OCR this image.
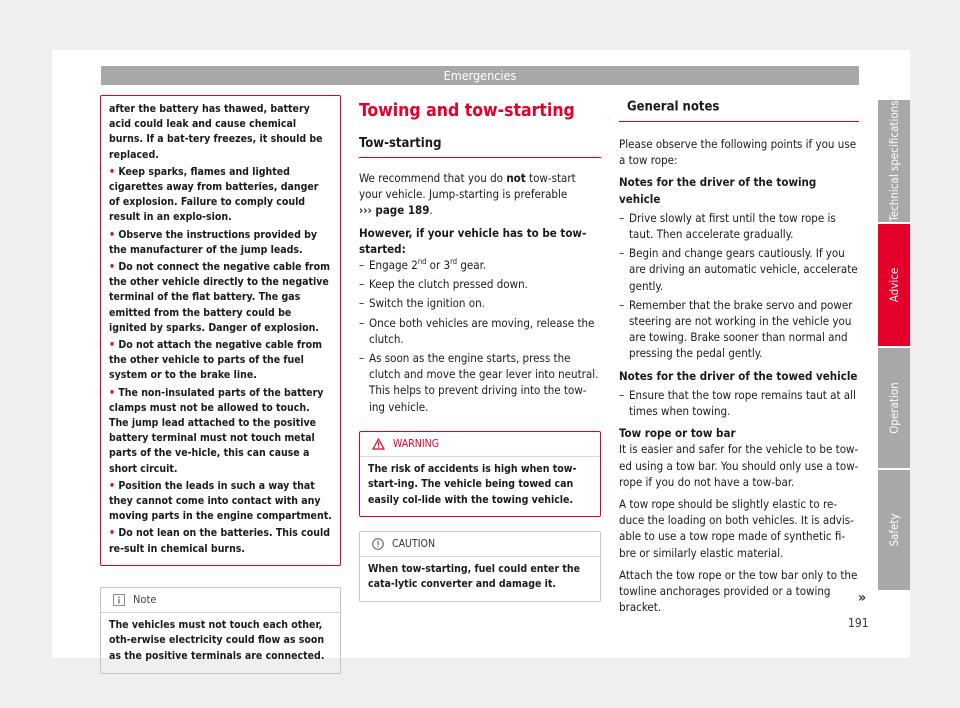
Emergencies

after the battery has thawed, battery acid could leak and cause chemical burns. If a bat-tery freezes, it should be replaced.

• Keep sparks, flames and lighted cigarettes away from batteries, danger of explosion. Failure to comply could result in an explo-sion.

• Observe the instructions provided by the manufacturer of the jump leads.

• Do not connect the negative cable from the other vehicle directly to the negative terminal of the flat battery. The gas emitted from the battery could be ignited by sparks. Danger of explosion.

• Do not attach the negative cable from the other vehicle to parts of the fuel system or to the brake line.

• The non-insulated parts of the battery clamps must not be allowed to touch. The jump lead attached to the positive battery terminal must not touch metal parts of the ve-hicle, this can cause a short circuit.

• Position the leads in such a way that they cannot come into contact with any moving parts in the engine compartment.

• Do not lean on the batteries. This could re-sult in chemical burns.

Note
The vehicles must not touch each other, oth-erwise electricity could flow as soon as the positive terminals are connected.
Towing and tow-starting
Tow-starting

We recommend that you do not tow-start your vehicle. Jump-starting is preferable
››› page 189.

However, if your vehicle has to be tow-started:

– Engage 2nd or 3rd gear.
– Keep the clutch pressed down.
– Switch the ignition on.
– Once both vehicles are moving, release the clutch.
– As soon as the engine starts, press the clutch and move the gear lever into neutral. This helps to prevent driving into the tow-ing vehicle.
WARNING
The risk of accidents is high when tow-start-ing. The vehicle being towed can easily col-lide with the towing vehicle.
CAUTION
When tow-starting, fuel could enter the cata-lytic converter and damage it.
General notes

Please observe the following points if you use a tow rope:

Notes for the driver of the towing vehicle

– Drive slowly at first until the tow rope is taut. Then accelerate gradually.
– Begin and change gears cautiously. If you are driving an automatic vehicle, accelerate gently.
– Remember that the brake servo and power steering are not working in the vehicle you are towing. Brake sooner than normal and pressing the pedal gently.

Notes for the driver of the towed vehicle

– Ensure that the tow rope remains taut at all times when towing.

Tow rope or tow bar

It is easier and safer for the vehicle to be tow-ed using a tow bar. You should only use a tow-rope if you do not have a tow-bar.

A tow rope should be slightly elastic to re-duce the loading on both vehicles. It is advis-able to use a tow rope made of synthetic fi-bre or similarly elastic material.

Attach the tow rope or the tow bar only to the towline anchorages provided or a towing bracket.

»
191
Technical specifications
Advice
Operation
Safety
